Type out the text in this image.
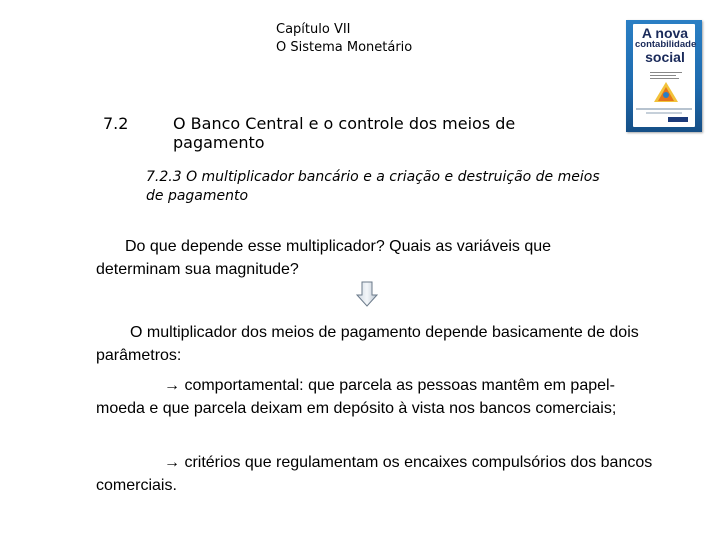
Capítulo VII
O Sistema Monetário
A nova
contabilidade
social
7.2	O Banco Central e o controle dos meios de pagamento
7.2.3 O multiplicador bancário e a criação e destruição de meios de pagamento
Do que depende esse multiplicador? Quais as variáveis que determinam sua magnitude?
O multiplicador dos meios de pagamento depende basicamente de dois parâmetros:
→ comportamental: que parcela as pessoas mantêm em papel-moeda e que parcela deixam em depósito à vista nos bancos comerciais;
→ critérios que regulamentam os encaixes compulsórios dos bancos comerciais.
